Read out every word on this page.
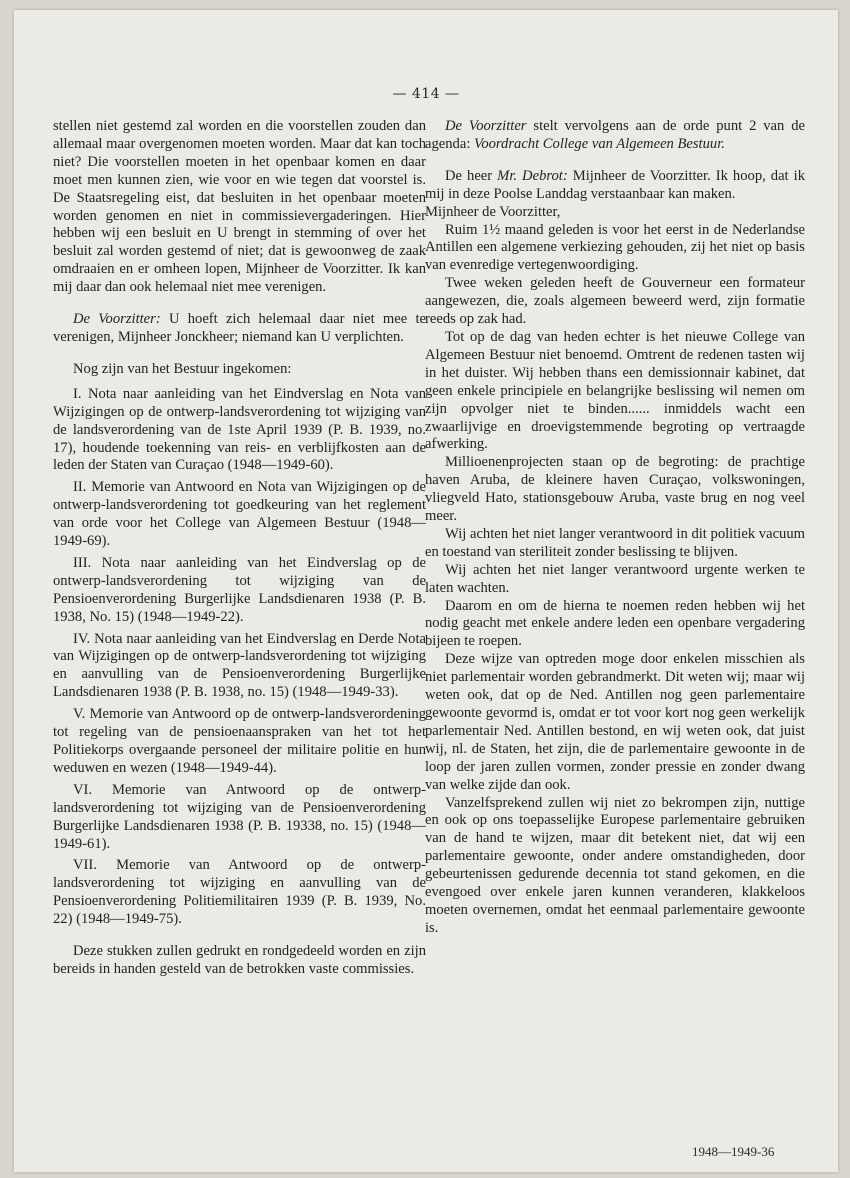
— 414 —

stellen niet gestemd zal worden en die voorstellen zouden dan allemaal maar overgenomen moeten worden. Maar dat kan toch niet? Die voorstellen moeten in het openbaar komen en daar moet men kunnen zien, wie voor en wie tegen dat voorstel is. De Staatsregeling eist, dat besluiten in het openbaar moeten worden genomen en niet in commissievergaderingen. Hier hebben wij een besluit en U brengt in stemming of over het besluit zal worden gestemd of niet; dat is gewoonweg de zaak omdraaien en er omheen lopen, Mijnheer de Voorzitter. Ik kan mij daar dan ook helemaal niet mee verenigen.

De Voorzitter: U hoeft zich helemaal daar niet mee te verenigen, Mijnheer Jonckheer; niemand kan U verplichten.

Nog zijn van het Bestuur ingekomen:

I. Nota naar aanleiding van het Eindverslag en Nota van Wijzigingen op de ontwerp-landsverordening tot wijziging van de landsverordening van de 1ste April 1939 (P. B. 1939, no. 17), houdende toekenning van reis- en verblijfkosten aan de leden der Staten van Curaçao (1948—1949-60).

II. Memorie van Antwoord en Nota van Wijzigingen op de ontwerp-landsverordening tot goedkeuring van het reglement van orde voor het College van Algemeen Bestuur (1948—1949-69).

III. Nota naar aanleiding van het Eindverslag op de ontwerp-landsverordening tot wijziging van de Pensioenverordening Burgerlijke Landsdienaren 1938 (P. B. 1938, No. 15) (1948—1949-22).

IV. Nota naar aanleiding van het Eindverslag en Derde Nota van Wijzigingen op de ontwerp-landsverordening tot wijziging en aanvulling van de Pensioenverordening Burgerlijke Landsdienaren 1938 (P. B. 1938, no. 15) (1948—1949-33).

V. Memorie van Antwoord op de ontwerp-landsverordening tot regeling van de pensioenaanspraken van het tot het Politiekorps overgaande personeel der militaire politie en hun weduwen en wezen (1948—1949-44).

VI. Memorie van Antwoord op de ontwerp-landsverordening tot wijziging van de Pensioenverordening Burgerlijke Landsdienaren 1938 (P. B. 19338, no. 15) (1948—1949-61).

VII. Memorie van Antwoord op de ontwerp-landsverordening tot wijziging en aanvulling van de Pensioenverordening Politiemilitairen 1939 (P. B. 1939, No. 22) (1948—1949-75).

Deze stukken zullen gedrukt en rondgedeeld worden en zijn bereids in handen gesteld van de betrokken vaste commissies.

De Voorzitter stelt vervolgens aan de orde punt 2 van de agenda: Voordracht College van Algemeen Bestuur.

De heer Mr. Debrot: Mijnheer de Voorzitter. Ik hoop, dat ik mij in deze Poolse Landdag verstaanbaar kan maken.

Mijnheer de Voorzitter,

Ruim 1½ maand geleden is voor het eerst in de Nederlandse Antillen een algemene verkiezing gehouden, zij het niet op basis van evenredige vertegenwoordiging.

Twee weken geleden heeft de Gouverneur een formateur aangewezen, die, zoals algemeen beweerd werd, zijn formatie reeds op zak had.

Tot op de dag van heden echter is het nieuwe College van Algemeen Bestuur niet benoemd. Omtrent de redenen tasten wij in het duister. Wij hebben thans een demissionnair kabinet, dat geen enkele principiele en belangrijke beslissing wil nemen om zijn opvolger niet te binden...... inmiddels wacht een zwaarlijvige en droevigstemmende begroting op vertraagde afwerking.

Millioenenprojecten staan op de begroting: de prachtige haven Aruba, de kleinere haven Curaçao, volkswoningen, vliegveld Hato, stationsgebouw Aruba, vaste brug en nog veel meer.

Wij achten het niet langer verantwoord in dit politiek vacuum en toestand van steriliteit zonder beslissing te blijven.

Wij achten het niet langer verantwoord urgente werken te laten wachten.

Daarom en om de hierna te noemen reden hebben wij het nodig geacht met enkele andere leden een openbare vergadering bijeen te roepen.

Deze wijze van optreden moge door enkelen misschien als niet parlementair worden gebrandmerkt. Dit weten wij; maar wij weten ook, dat op de Ned. Antillen nog geen parlementaire gewoonte gevormd is, omdat er tot voor kort nog geen werkelijk parlementair Ned. Antillen bestond, en wij weten ook, dat juist wij, nl. de Staten, het zijn, die de parlementaire gewoonte in de loop der jaren zullen vormen, zonder pressie en zonder dwang van welke zijde dan ook.

Vanzelfsprekend zullen wij niet zo bekrompen zijn, nuttige en ook op ons toepasselijke Europese parlementaire gebruiken van de hand te wijzen, maar dit betekent niet, dat wij een parlementaire gewoonte, onder andere omstandigheden, door gebeurtenissen gedurende decennia tot stand gekomen, en die evengoed over enkele jaren kunnen veranderen, klakkeloos moeten overnemen, omdat het eenmaal parlementaire gewoonte is.

1948—1949-36
